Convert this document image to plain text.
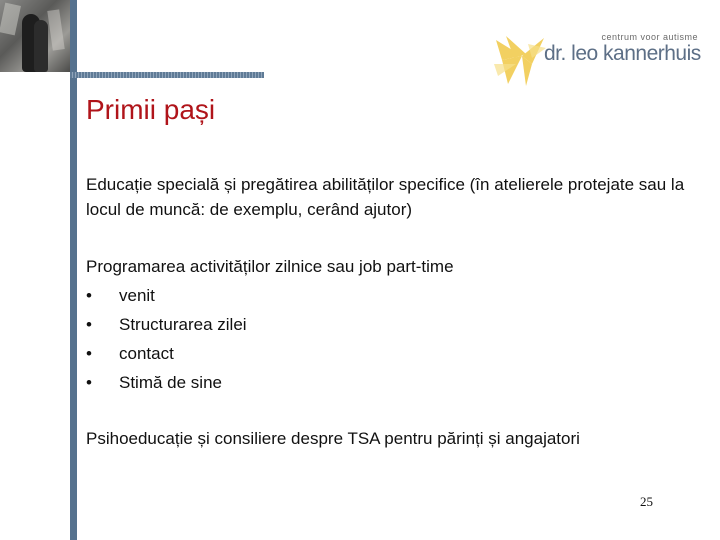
centrum voor autisme
dr. leo kannerhuis
Primii pași

Educație specială și pregătirea abilităților specifice (în atelierele protejate sau la locul de muncă: de exemplu, cerând ajutor)

Programarea activităților zilnice sau job part-time

• venit
• Structurarea zilei
• contact
• Stimă de sine

Psihoeducație și consiliere despre TSA pentru părinți și angajatori

25
